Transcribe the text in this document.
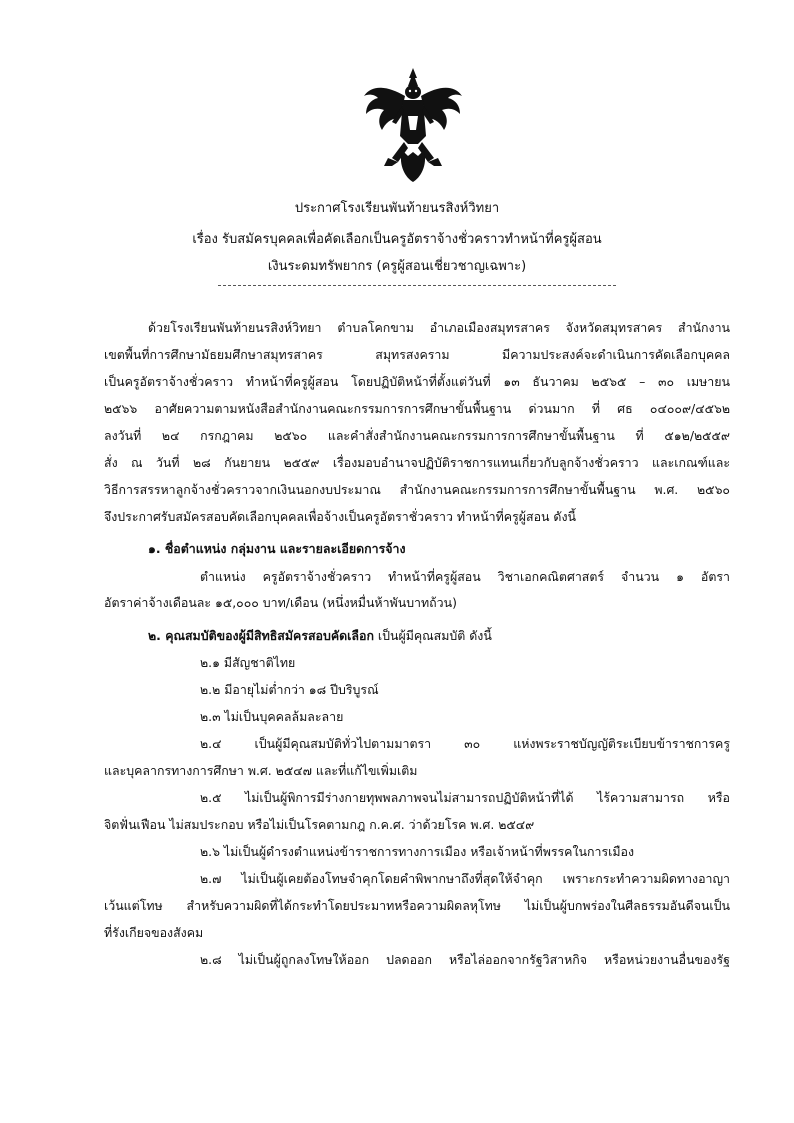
ประกาศโรงเรียนพันท้ายนรสิงห์วิทยา
เรื่อง รับสมัครบุคคลเพื่อคัดเลือกเป็นครูอัตราจ้างชั่วคราวทำหน้าที่ครูผู้สอน
เงินระดมทรัพยากร (ครูผู้สอนเชี่ยวชาญเฉพาะ)
ด้วยโรงเรียนพันท้ายนรสิงห์วิทยา ตำบลโคกขาม อำเภอเมืองสมุทรสาคร จังหวัดสมุทรสาคร สำนักงาน
เขตพื้นที่การศึกษามัธยมศึกษาสมุทรสาคร สมุทรสงคราม มีความประสงค์จะดำเนินการคัดเลือกบุคคล
เป็นครูอัตราจ้างชั่วคราว ทำหน้าที่ครูผู้สอน โดยปฏิบัติหน้าที่ตั้งแต่วันที่ ๑๓ ธันวาคม ๒๕๖๕ – ๓๐ เมษายน
๒๕๖๖ อาศัยความตามหนังสือสำนักงานคณะกรรมการการศึกษาขั้นพื้นฐาน ด่วนมาก ที่ ศธ ๐๔๐๐๙/๔๕๖๒
ลงวันที่ ๒๔ กรกฎาคม ๒๕๖๐ และคำสั่งสำนักงานคณะกรรมการการศึกษาขั้นพื้นฐาน ที่ ๕๑๒/๒๕๕๙
สั่ง ณ วันที่ ๒๘ กันยายน ๒๕๕๙ เรื่องมอบอำนาจปฏิบัติราชการแทนเกี่ยวกับลูกจ้างชั่วคราว และเกณฑ์และ
วิธีการสรรหาลูกจ้างชั่วคราวจากเงินนอกงบประมาณ สำนักงานคณะกรรมการการศึกษาขั้นพื้นฐาน พ.ศ. ๒๕๖๐
จึงประกาศรับสมัครสอบคัดเลือกบุคคลเพื่อจ้างเป็นครูอัตราชั่วคราว ทำหน้าที่ครูผู้สอน ดังนี้
๑. ชื่อตำแหน่ง กลุ่มงาน และรายละเอียดการจ้าง
ตำแหน่ง ครูอัตราจ้างชั่วคราว ทำหน้าที่ครูผู้สอน วิชาเอกคณิตศาสตร์ จำนวน ๑ อัตรา
อัตราค่าจ้างเดือนละ ๑๕,๐๐๐ บาท/เดือน (หนึ่งหมื่นห้าพันบาทถ้วน)
๒. คุณสมบัติของผู้มีสิทธิสมัครสอบคัดเลือก เป็นผู้มีคุณสมบัติ ดังนี้
๒.๑ มีสัญชาติไทย
๒.๒ มีอายุไม่ต่ำกว่า ๑๘ ปีบริบูรณ์
๒.๓ ไม่เป็นบุคคลล้มละลาย
๒.๔ เป็นผู้มีคุณสมบัติทั่วไปตามมาตรา ๓๐ แห่งพระราชบัญญัติระเบียบข้าราชการครู
และบุคลากรทางการศึกษา พ.ศ. ๒๕๔๗ และที่แก้ไขเพิ่มเติม
๒.๕ ไม่เป็นผู้พิการมีร่างกายทุพพลภาพจนไม่สามารถปฏิบัติหน้าที่ได้ ไร้ความสามารถ หรือ
จิตฟั่นเฟือน ไม่สมประกอบ หรือไม่เป็นโรคตามกฎ ก.ค.ศ. ว่าด้วยโรค พ.ศ. ๒๕๔๙
๒.๖ ไม่เป็นผู้ดำรงตำแหน่งข้าราชการทางการเมือง หรือเจ้าหน้าที่พรรคในการเมือง
๒.๗ ไม่เป็นผู้เคยต้องโทษจำคุกโดยคำพิพากษาถึงที่สุดให้จำคุก เพราะกระทำความผิดทางอาญา
เว้นแต่โทษ สำหรับความผิดที่ได้กระทำโดยประมาทหรือความผิดลหุโทษ ไม่เป็นผู้บกพร่องในศีลธรรมอันดีจนเป็น
ที่รังเกียจของสังคม
๒.๘ ไม่เป็นผู้ถูกลงโทษให้ออก ปลดออก หรือไล่ออกจากรัฐวิสาหกิจ หรือหน่วยงานอื่นของรัฐ
